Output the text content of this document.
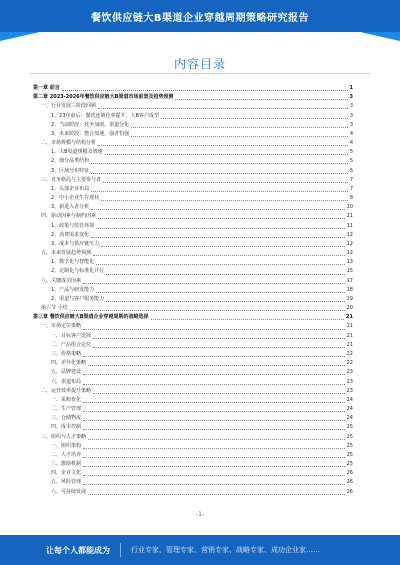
餐饮供应链大B渠道企业穿越周期策略研究报告
内容目录
第一章 前言	1
第二章 2023-2026年餐饮供应链大B渠道市场前景及趋势预测	3
一、行业发展三阶段回顾	3
1、23年前后：餐饮连锁化率提升，大B客户成型	3
2、当前阶段：竞争加剧，渠道分化	3
3、未来阶段：整合加速，强者恒强	4
二、市场规模与结构分析	4
1、大B渠道规模及增速	5
2、细分品类结构	5
3、区域分布特征	5
三、竞争格局与主要参与者	7
1、头部企业布局	7
2、中小企业生存现状	8
3、新进入者分析	10
四、驱动因素与制约因素	11
1、政策与监管环境	11
2、消费需求变化	12
3、成本与供应链压力	12
五、未来发展趋势预测	12
1、数字化与智能化	13
2、定制化与标准化并行	15
六、关键成功因素	17
1、产品与研发能力	18
2、渠道与客户服务能力	19
第六节 小结	20
第三章 餐饮供应链大B渠道企业穿越周期的战略选择	21
一、市场定位策略	21
一、目标客户选择	21
二、产品组合定位	21
三、价格策略	22
四、差异化策略	22
五、品牌建设	23
六、渠道布局	23
二、运营效率提升策略	23
一、采购优化	24
二、生产管理	24
三、仓储物流	24
四、成本控制	25
三、组织与人才策略	25
一、组织架构	25
二、人才培养	25
三、激励机制	25
四、企业文化	26
五、风险管理	26
六、可持续发展	26
-1-
让每个人都能成为	行业专家、管理专家、营销专家、战略专家、成功企业家……
